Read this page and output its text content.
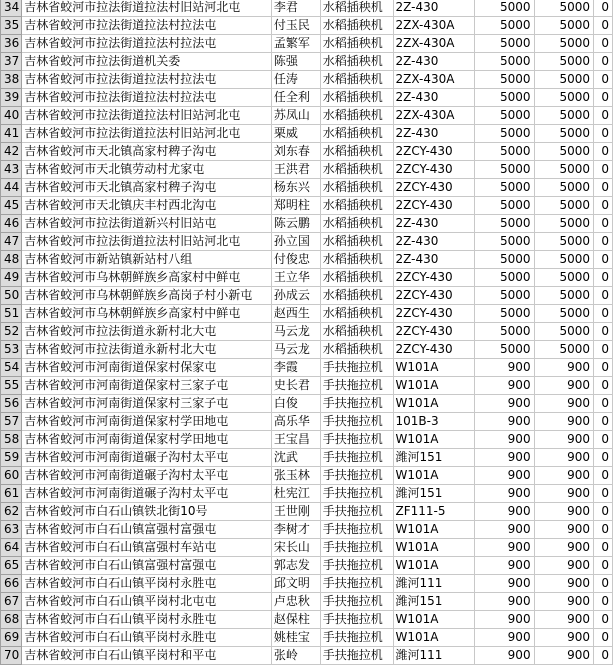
34	吉林省蛟河市拉法街道拉法村旧站河北屯	李君	水稻插秧机	2Z-430	5000	5000	0
35	吉林省蛟河市拉法街道拉法村拉法屯	付玉民	水稻插秧机	2ZX-430A	5000	5000	0
36	吉林省蛟河市拉法街道拉法村拉法屯	孟繁军	水稻插秧机	2ZX-430A	5000	5000	0
37	吉林省蛟河市拉法街道机关委	陈强	水稻插秧机	2Z-430	5000	5000	0
38	吉林省蛟河市拉法街道拉法村拉法屯	任涛	水稻插秧机	2ZX-430A	5000	5000	0
39	吉林省蛟河市拉法街道拉法村拉法屯	任全利	水稻插秧机	2Z-430	5000	5000	0
40	吉林省蛟河市拉法街道拉法村旧站河北屯	苏凤山	水稻插秧机	2ZX-430A	5000	5000	0
41	吉林省蛟河市拉法街道拉法村旧站河北屯	栗威	水稻插秧机	2Z-430	5000	5000	0
42	吉林省蛟河市天北镇高家村稗子沟屯	刘东春	水稻插秧机	2ZCY-430	5000	5000	0
43	吉林省蛟河市天北镇劳动村尤家屯	王洪君	水稻插秧机	2ZCY-430	5000	5000	0
44	吉林省蛟河市天北镇高家村稗子沟屯	杨东兴	水稻插秧机	2ZCY-430	5000	5000	0
45	吉林省蛟河市天北镇庆丰村西北沟屯	郑明柱	水稻插秧机	2ZCY-430	5000	5000	0
46	吉林省蛟河市拉法街道新兴村旧站屯	陈云鹏	水稻插秧机	2Z-430	5000	5000	0
47	吉林省蛟河市拉法街道拉法村旧站河北屯	孙立国	水稻插秧机	2Z-430	5000	5000	0
48	吉林省蛟河市新站镇新站村八组	付俊忠	水稻插秧机	2Z-430	5000	5000	0
49	吉林省蛟河市乌林朝鲜族乡高家村中鲜屯	王立华	水稻插秧机	2ZCY-430	5000	5000	0
50	吉林省蛟河市乌林朝鲜族乡高岗子村小新屯	孙成云	水稻插秧机	2ZCY-430	5000	5000	0
51	吉林省蛟河市乌林朝鲜族乡高家村中鲜屯	赵西生	水稻插秧机	2ZCY-430	5000	5000	0
52	吉林省蛟河市拉法街道永新村北大屯	马云龙	水稻插秧机	2ZCY-430	5000	5000	0
53	吉林省蛟河市拉法街道永新村北大屯	马云龙	水稻插秧机	2ZCY-430	5000	5000	0
54	吉林省蛟河市河南街道保家村保家屯	李霞	手扶拖拉机	W101A	900	900	0
55	吉林省蛟河市河南街道保家村三家子屯	史长君	手扶拖拉机	W101A	900	900	0
56	吉林省蛟河市河南街道保家村三家子屯	白俊	手扶拖拉机	W101A	900	900	0
57	吉林省蛟河市河南街道保家村学田地屯	高乐华	手扶拖拉机	101B-3	900	900	0
58	吉林省蛟河市河南街道保家村学田地屯	王宝昌	手扶拖拉机	W101A	900	900	0
59	吉林省蛟河市河南街道碾子沟村太平屯	沈武	手扶拖拉机	潍河151	900	900	0
60	吉林省蛟河市河南街道碾子沟村太平屯	张玉林	手扶拖拉机	W101A	900	900	0
61	吉林省蛟河市河南街道碾子沟村太平屯	杜宪江	手扶拖拉机	潍河151	900	900	0
62	吉林省蛟河市白石山镇铁北街10号	王世刚	手扶拖拉机	ZF111-5	900	900	0
63	吉林省蛟河市白石山镇富强村富强屯	李树才	手扶拖拉机	W101A	900	900	0
64	吉林省蛟河市白石山镇富强村车站屯	宋长山	手扶拖拉机	W101A	900	900	0
65	吉林省蛟河市白石山镇富强村富强屯	郭志发	手扶拖拉机	W101A	900	900	0
66	吉林省蛟河市白石山镇平岗村永胜屯	邱文明	手扶拖拉机	潍河111	900	900	0
67	吉林省蛟河市白石山镇平岗村北屯屯	卢忠秋	手扶拖拉机	潍河151	900	900	0
68	吉林省蛟河市白石山镇平岗村永胜屯	赵保柱	手扶拖拉机	W101A	900	900	0
69	吉林省蛟河市白石山镇平岗村永胜屯	姚桂宝	手扶拖拉机	W101A	900	900	0
70	吉林省蛟河市白石山镇平岗村和平屯	张岭	手扶拖拉机	潍河111	900	900	0
